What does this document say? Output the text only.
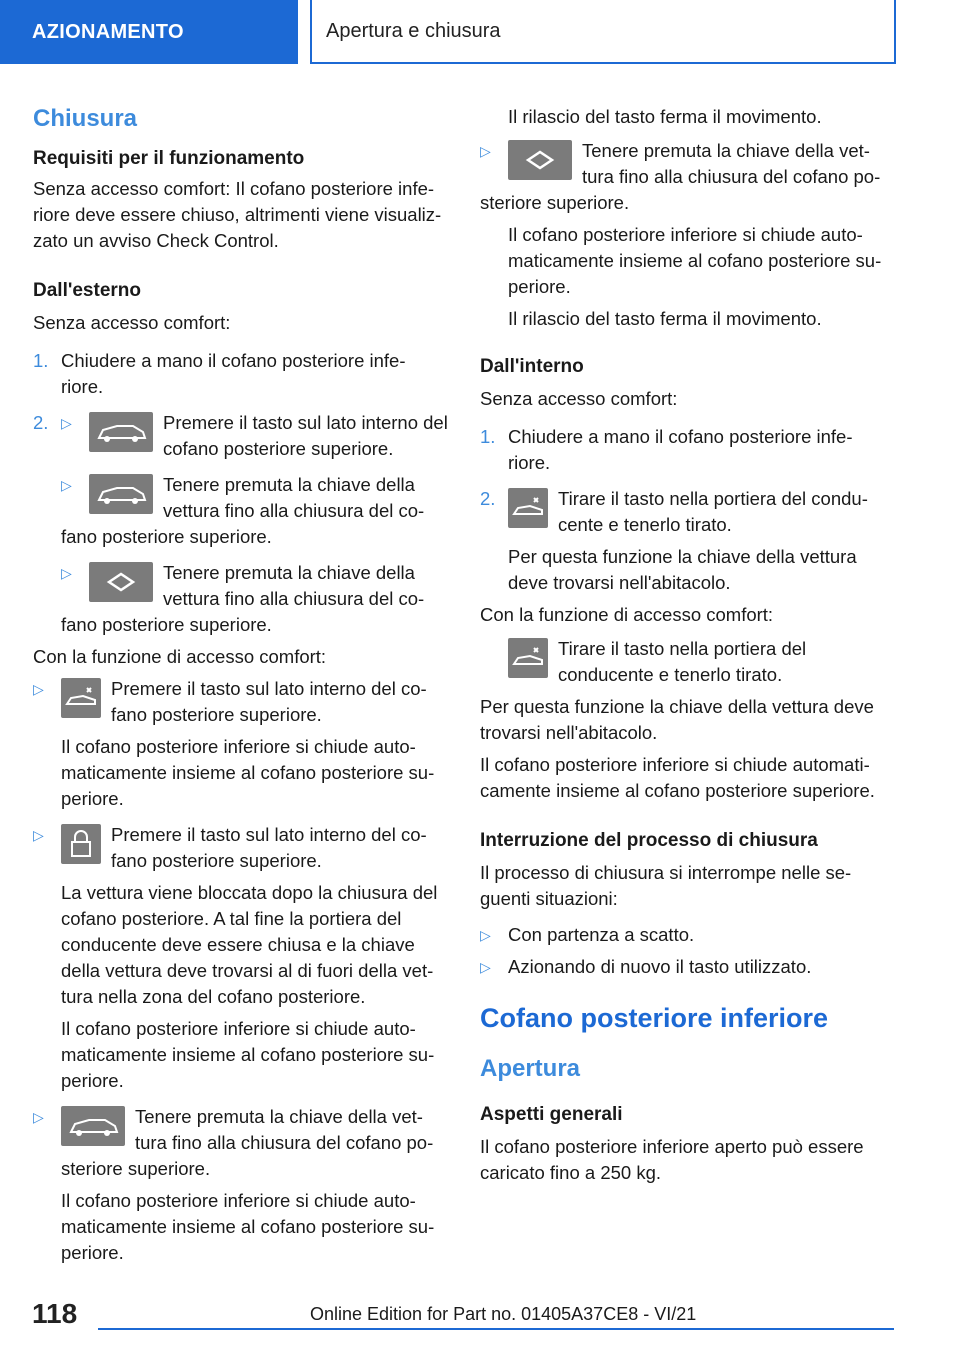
AZIONAMENTO	Apertura e chiusura

Chiusura

Requisiti per il funzionamento

Senza accesso comfort: Il cofano posteriore infe- riore deve essere chiuso, altrimenti viene visualiz- zato un avviso Check Control.

Dall'esterno

Senza accesso comfort:

1. Chiudere a mano il cofano posteriore infe- riore.
2. ▷	Premere il tasto sul lato interno del cofano posteriore superiore.
▷	Tenere premuta la chiave della vettura fino alla chiusura del co- fano posteriore superiore.
▷	Tenere premuta la chiave della vettura fino alla chiusura del co- fano posteriore superiore.

Con la funzione di accesso comfort:

▷	Premere il tasto sul lato interno del co- fano posteriore superiore.
Il cofano posteriore inferiore si chiude auto- maticamente insieme al cofano posteriore su- periore.
▷	Premere il tasto sul lato interno del co- fano posteriore superiore.
La vettura viene bloccata dopo la chiusura del cofano posteriore. A tal fine la portiera del conducente deve essere chiusa e la chiave della vettura deve trovarsi al di fuori della vet- tura nella zona del cofano posteriore.
Il cofano posteriore inferiore si chiude auto- maticamente insieme al cofano posteriore su- periore.
▷	Tenere premuta la chiave della vet- tura fino alla chiusura del cofano po- steriore superiore.
Il cofano posteriore inferiore si chiude auto- maticamente insieme al cofano posteriore su- periore.

Il rilascio del tasto ferma il movimento.

▷	Tenere premuta la chiave della vet- tura fino alla chiusura del cofano po- steriore superiore.
Il cofano posteriore inferiore si chiude auto- maticamente insieme al cofano posteriore su- periore.
Il rilascio del tasto ferma il movimento.

Dall'interno

Senza accesso comfort:

1. Chiudere a mano il cofano posteriore infe- riore.
2.	Tirare il tasto nella portiera del condu- cente e tenerlo tirato.
Per questa funzione la chiave della vettura deve trovarsi nell'abitacolo.

Con la funzione di accesso comfort:

Tirare il tasto nella portiera del conducente e tenerlo tirato.

Per questa funzione la chiave della vettura deve trovarsi nell'abitacolo.

Il cofano posteriore inferiore si chiude automati- camente insieme al cofano posteriore superiore.

Interruzione del processo di chiusura

Il processo di chiusura si interrompe nelle se- guenti situazioni:

▷ Con partenza a scatto.
▷ Azionando di nuovo il tasto utilizzato.

Cofano posteriore inferiore

Apertura

Aspetti generali

Il cofano posteriore inferiore aperto può essere caricato fino a 250 kg.

118	Online Edition for Part no. 01405A37CE8 - VI/21
